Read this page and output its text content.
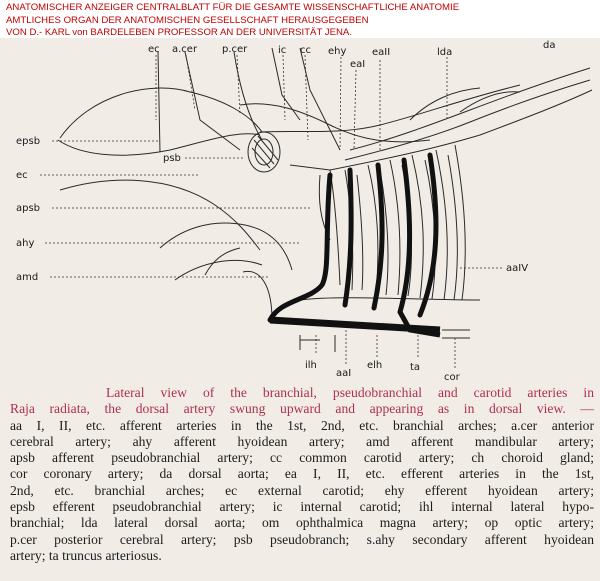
ANATOMISCHER ANZEIGER CENTRALBLATT FÜR DIE GESAMTE WISSENSCHAFTLICHE ANATOMIE
AMTLICHES ORGAN DER ANATOMISCHEN GESELLSCHAFT HERAUSGEGEBEN
VON D.- KARL von BARDELEBEN PROFESSOR AN DER UNIVERSITÄT JENA.
ec a.cer p.cer	ic cc ehy
eaI
eaII	lda
da
epsb
ec
apsb
ahy
amd
psb
aaIV
ilh
aaI
elh	ta
cor
Lateral view of the branchial, pseudobranchial and carotid arteries in
Raja radiata, the dorsal artery swung upward and appearing as in dorsal view. —
aa I, II, etc. afferent arteries in the 1st, 2nd, etc. branchial arches; a.cer anterior
cerebral artery; ahy afferent hyoidean artery; amd afferent mandibular artery;
apsb afferent pseudobranchial artery; cc common carotid artery; ch choroid gland;
cor coronary artery; da dorsal aorta; ea I, II, etc. efferent arteries in the 1st,
2nd, etc. branchial arches; ec external carotid; ehy efferent hyoidean artery;
epsb efferent pseudobranchial artery; ic internal carotid; ihl internal lateral hypo-
branchial; lda lateral dorsal aorta; om ophthalmica magna artery; op optic artery;
p.cer posterior cerebral artery; psb pseudobranch; s.ahy secondary afferent hyoidean
artery; ta truncus arteriosus.
